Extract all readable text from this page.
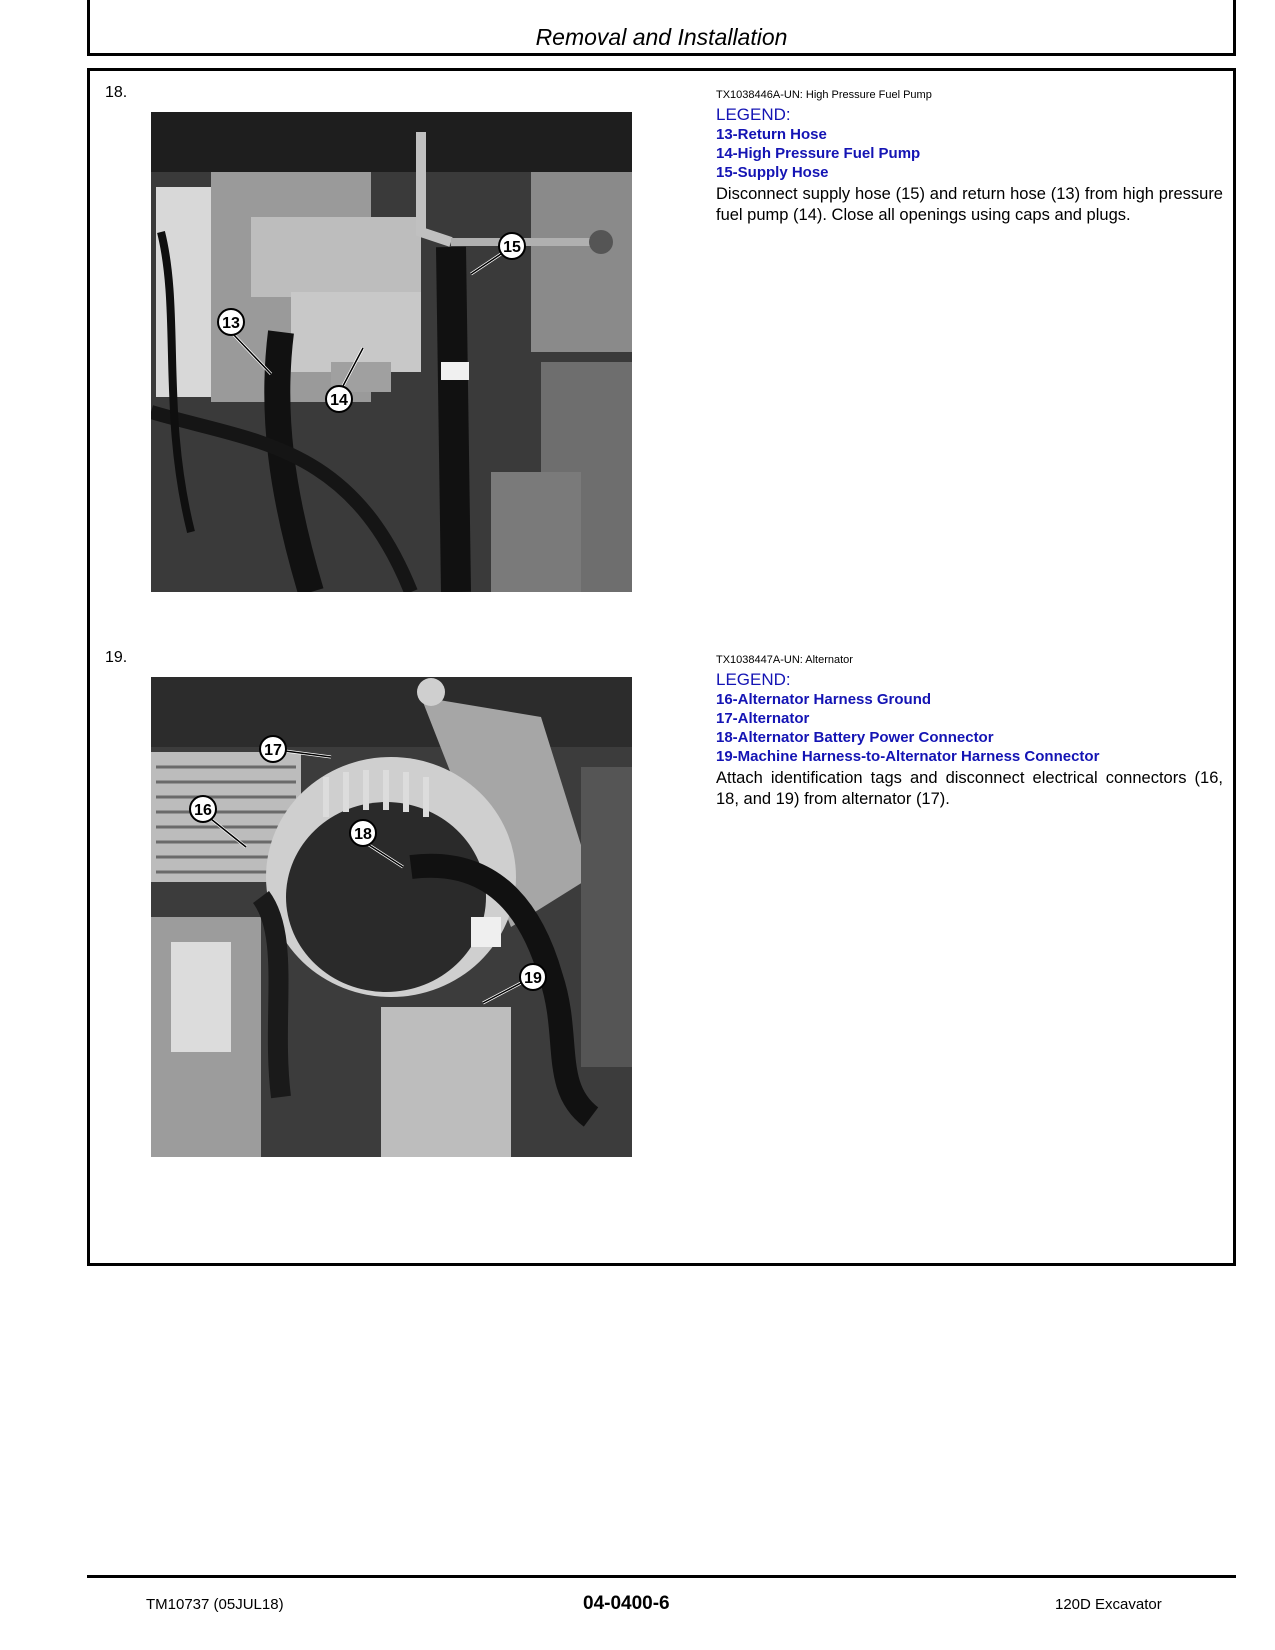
Removal and Installation
18.
13
14
15
TX1038446A-UN: High Pressure Fuel Pump
LEGEND:
13-Return Hose
14-High Pressure Fuel Pump
15-Supply Hose
Disconnect supply hose (15) and return hose (13) from high pressure fuel pump (14). Close all openings using caps and plugs.
19.
16
17
18
19
TX1038447A-UN: Alternator
LEGEND:
16-Alternator Harness Ground
17-Alternator
18-Alternator Battery Power Connector
19-Machine Harness-to-Alternator Harness Connector
Attach identification tags and disconnect electrical connectors (16, 18, and 19) from alternator (17).
TM10737 (05JUL18)	04-0400-6	120D Excavator
